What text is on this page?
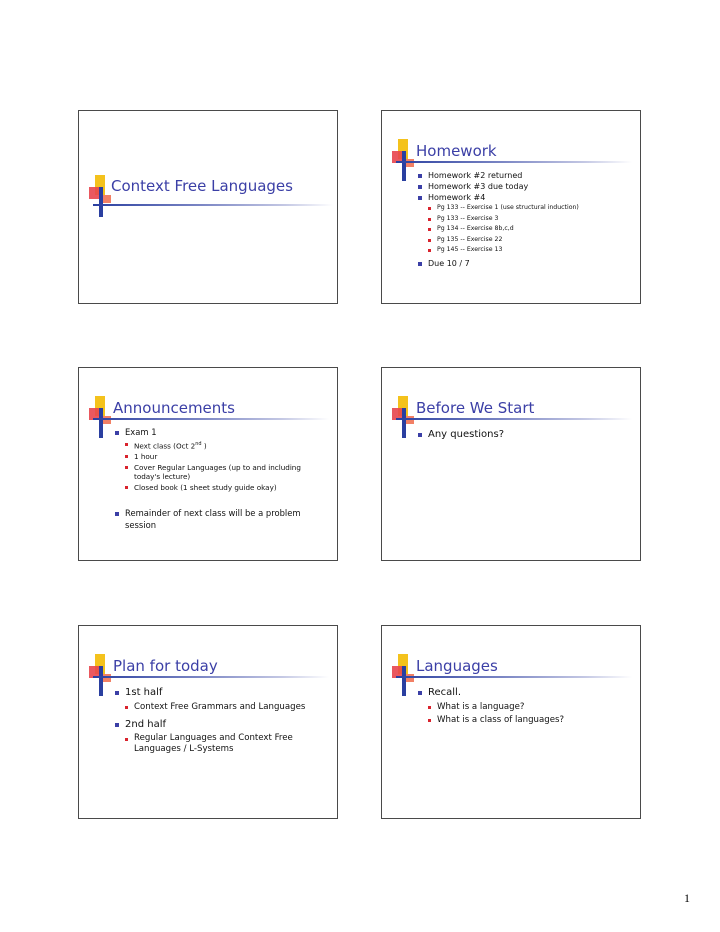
Context Free Languages
Homework
Homework #2 returned
Homework #3 due today
Homework #4
Pg 133 -- Exercise 1 (use structural induction)
Pg 133 -- Exercise 3
Pg 134 -- Exercise 8b,c,d
Pg 135 -- Exercise 22
Pg 145 -- Exercise 13
Due 10 / 7
Announcements
Exam 1
Next class (Oct 2nd )
1 hour
Cover Regular Languages (up to and including today's lecture)
Closed book (1 sheet study guide okay)
Remainder of next class will be a problem session
Before We Start
Any questions?
Plan for today
1st half
Context Free Grammars and Languages
2nd half
Regular Languages and Context Free Languages / L-Systems
Languages
Recall.
What is a language?
What is a class of languages?
1
